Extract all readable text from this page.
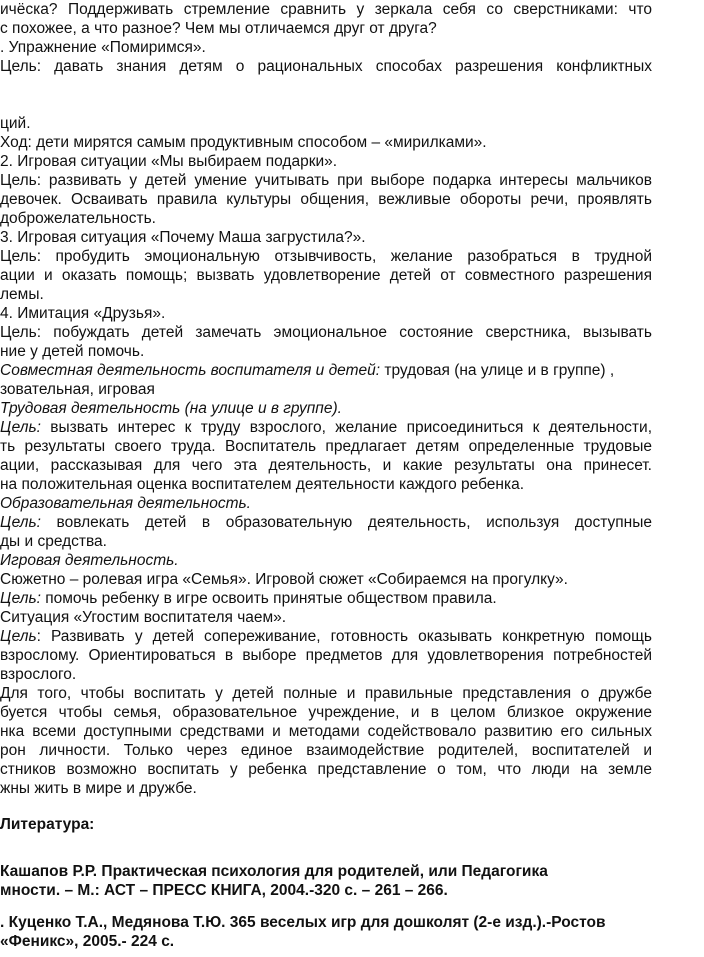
ичёска? Поддерживать стремление сравнить у зеркала себя со сверстниками: что
с похожее, а что разное? Чем мы отличаемся друг от друга?
. Упражнение «Помиримся».
Цель: давать знания детям о рациональных способах разрешения конфликтных
ций.
Ход: дети мирятся самым продуктивным способом – «мирилками».
2. Игровая ситуации «Мы выбираем подарки».
Цель: развивать у детей умение учитывать при выборе подарка интересы мальчиков
девочек. Осваивать правила культуры общения, вежливые обороты речи, проявлять
доброжелательность.
3. Игровая ситуация «Почему Маша загрустила?».
Цель: пробудить эмоциональную отзывчивость, желание разобраться в трудной
ации и оказать помощь; вызвать удовлетворение детей от совместного разрешения
лемы.
4. Имитация «Друзья».
Цель: побуждать детей замечать эмоциональное состояние сверстника, вызывать
ние у детей помочь.
Совместная деятельность воспитателя и детей: трудовая (на улице и в группе) ,
зовательная, игровая
Трудовая деятельность (на улице и в группе).
Цель: вызвать интерес к труду взрослого, желание присоединиться к деятельности,
ть результаты своего труда. Воспитатель предлагает детям определенные трудовые
ации, рассказывая для чего эта деятельность, и какие результаты она принесет.
на положительная оценка воспитателем деятельности каждого ребенка.
Образовательная деятельность.
Цель: вовлекать детей в образовательную деятельность, используя доступные
ды и средства.
Игровая деятельность.
Сюжетно – ролевая игра «Семья». Игровой сюжет «Собираемся на прогулку».
Цель: помочь ребенку в игре освоить принятые обществом правила.
Ситуация «Угостим воспитателя чаем».
Цель: Развивать у детей сопереживание, готовность оказывать конкретную помощь
взрослому. Ориентироваться в выборе предметов для удовлетворения потребностей
взрослого.
Для того, чтобы воспитать у детей полные и правильные представления о дружбе
буется чтобы семья, образовательное учреждение, и в целом близкое окружение
нка всеми доступными средствами и методами содействовало развитию его сильных
рон личности. Только через единое взаимодействие родителей, воспитателей и
стников возможно воспитать у ребенка представление о том, что люди на земле
жны жить в мире и дружбе.
Литература:
Кашапов Р.Р. Практическая психология для родителей, или Педагогика
мности. – М.: АСТ – ПРЕСС КНИГА, 2004.-320 с. – 261 – 266.
. Куценко Т.А., Медянова Т.Ю. 365 веселых игр для дошколят (2-е изд.).-Ростов
«Феникс», 2005.- 224 с.
